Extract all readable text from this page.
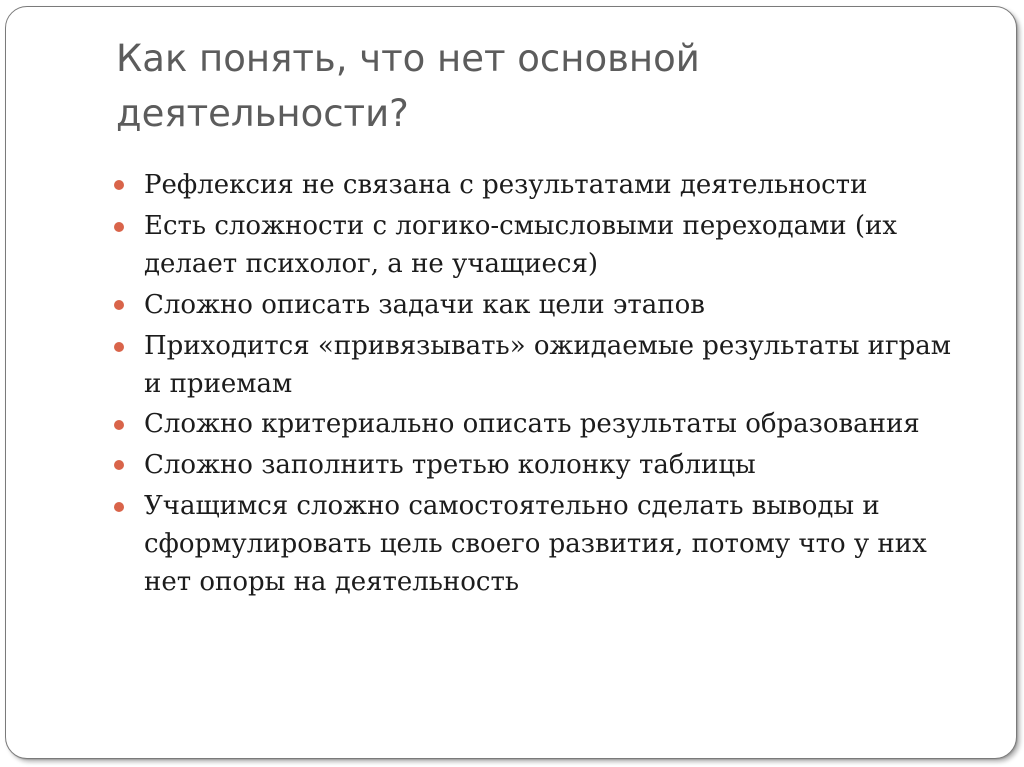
Как понять, что нет основной деятельности?
Рефлексия не связана с результатами деятельности
Есть сложности с логико-смысловыми переходами (их делает психолог, а не учащиеся)
Сложно описать задачи как цели этапов
Приходится «привязывать» ожидаемые результаты играм и приемам
Сложно критериально описать результаты образования
Сложно заполнить третью колонку таблицы
Учащимся сложно самостоятельно сделать выводы и сформулировать цель своего развития, потому что у них нет опоры на деятельность
